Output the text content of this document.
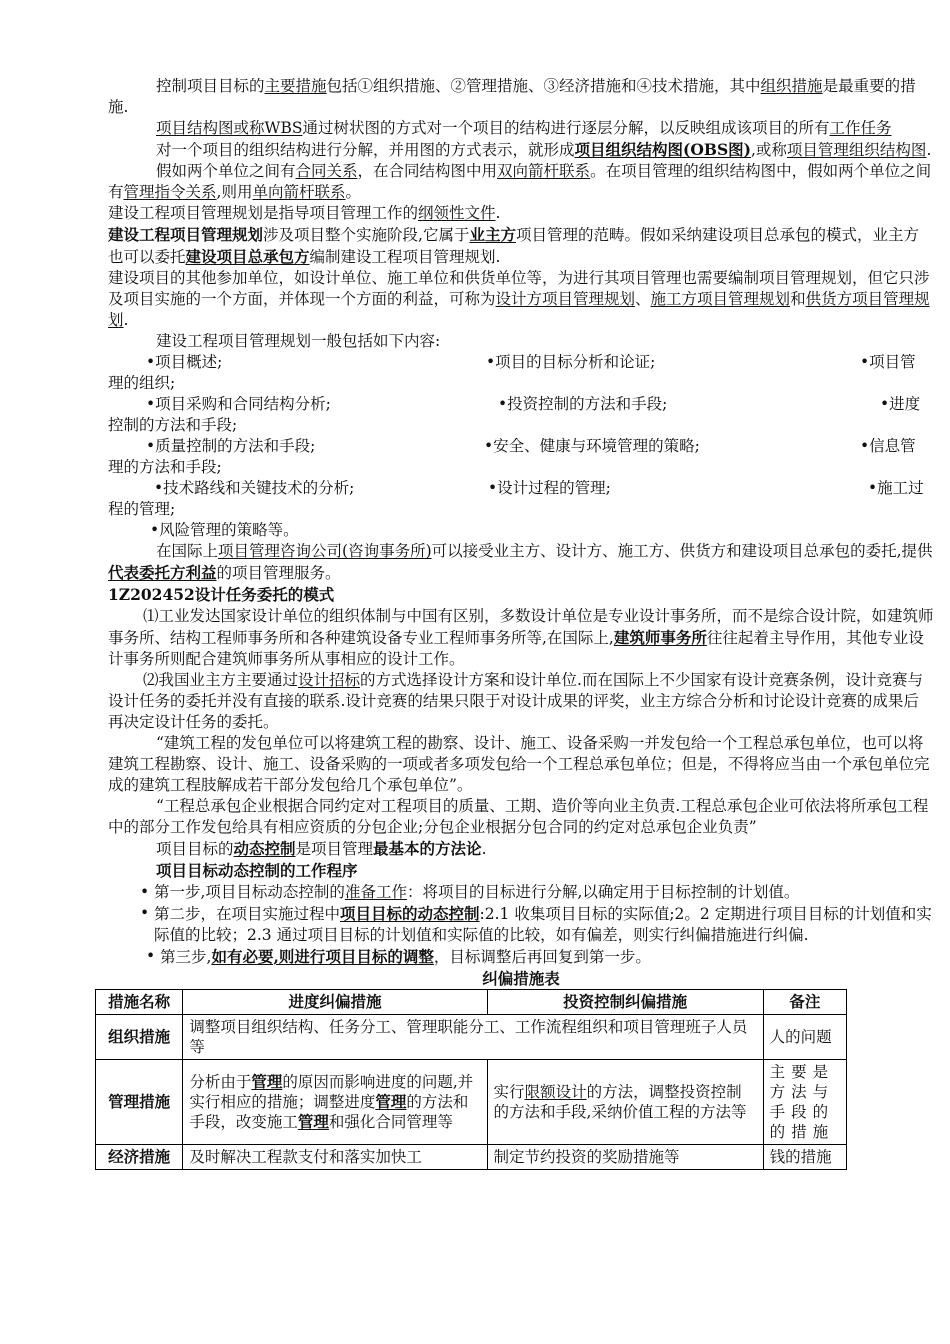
控制项目目标的主要措施包括①组织措施、②管理措施、③经济措施和④技术措施，其中组织措施是最重要的措施.

项目结构图或称WBS通过树状图的方式对一个项目的结构进行逐层分解，以反映组成该项目的所有工作任务

对一个项目的组织结构进行分解，并用图的方式表示，就形成项目组织结构图(OBS图),或称项目管理组织结构图.

假如两个单位之间有合同关系，在合同结构图中用双向箭杆联系。在项目管理的组织结构图中，假如两个单位之间有管理指令关系,则用单向箭杆联系。

建设工程项目管理规划是指导项目管理工作的纲领性文件.

建设工程项目管理规划涉及项目整个实施阶段,它属于业主方项目管理的范畴。假如采纳建设项目总承包的模式，业主方也可以委托建设项目总承包方编制建设工程项目管理规划.

建设项目的其他参加单位，如设计单位、施工单位和供货单位等，为进行其项目管理也需要编制项目管理规划，但它只涉及项目实施的一个方面，并体现一个方面的利益，可称为设计方项目管理规划、施工方项目管理规划和供货方项目管理规划.

建设工程项目管理规划一般包括如下内容:

•项目概述;	•项目的目标分析和论证;	•项目管

理的组织;

•项目采购和合同结构分析;	•投资控制的方法和手段;	•进度

控制的方法和手段;

•质量控制的方法和手段;	•安全、健康与环境管理的策略;	•信息管

理的方法和手段;

•技术路线和关键技术的分析;	•设计过程的管理;	•施工过

程的管理;

•风险管理的策略等。

在国际上项目管理咨询公司(咨询事务所)可以接受业主方、设计方、施工方、供货方和建设项目总承包的委托,提供代表委托方利益的项目管理服务。

1Z202452设计任务委托的模式

⑴工业发达国家设计单位的组织体制与中国有区别，多数设计单位是专业设计事务所，而不是综合设计院，如建筑师事务所、结构工程师事务所和各种建筑设备专业工程师事务所等,在国际上,建筑师事务所往往起着主导作用，其他专业设计事务所则配合建筑师事务所从事相应的设计工作。

⑵我国业主方主要通过设计招标的方式选择设计方案和设计单位.而在国际上不少国家有设计竞赛条例，设计竞赛与设计任务的委托并没有直接的联系.设计竞赛的结果只限于对设计成果的评奖，业主方综合分析和讨论设计竞赛的成果后再决定设计任务的委托。

“建筑工程的发包单位可以将建筑工程的勘察、设计、施工、设备采购一并发包给一个工程总承包单位，也可以将建筑工程勘察、设计、施工、设备采购的一项或者多项发包给一个工程总承包单位；但是，不得将应当由一个承包单位完成的建筑工程肢解成若干部分发包给几个承包单位”。

“工程总承包企业根据合同约定对工程项目的质量、工期、造价等向业主负责.工程总承包企业可依法将所承包工程中的部分工作发包给具有相应资质的分包企业;分包企业根据分包合同的约定对总承包企业负责”

项目目标的动态控制是项目管理最基本的方法论.

项目目标动态控制的工作程序

• 第一步,项目目标动态控制的准备工作：将项目的目标进行分解,以确定用于目标控制的计划值。
• 第二步，在项目实施过程中项目目标的动态控制:2.1 收集项目目标的实际值;2。2 定期进行项目目标的计划值和实际值的比较；2.3 通过项目目标的计划值和实际值的比较，如有偏差，则实行纠偏措施进行纠偏.
• 第三步,如有必要,则进行项目目标的调整，目标调整后再回复到第一步。
纠偏措施表
措施名称	进度纠偏措施	投资控制纠偏措施	备注
组织措施	调整项目组织结构、任务分工、管理职能分工、工作流程组织和项目管理班子人员等		人的问题
管理措施	分析由于管理的原因而影响进度的问题,并实行相应的措施；调整进度管理的方法和手段，改变施工管理和强化合同管理等	实行限额设计的方法，调整投资控制的方法和手段,采纳价值工程的方法等	主要是方法与手段的的措施
经济措施	及时解决工程款支付和落实加快工	制定节约投资的奖励措施等	钱的措施
